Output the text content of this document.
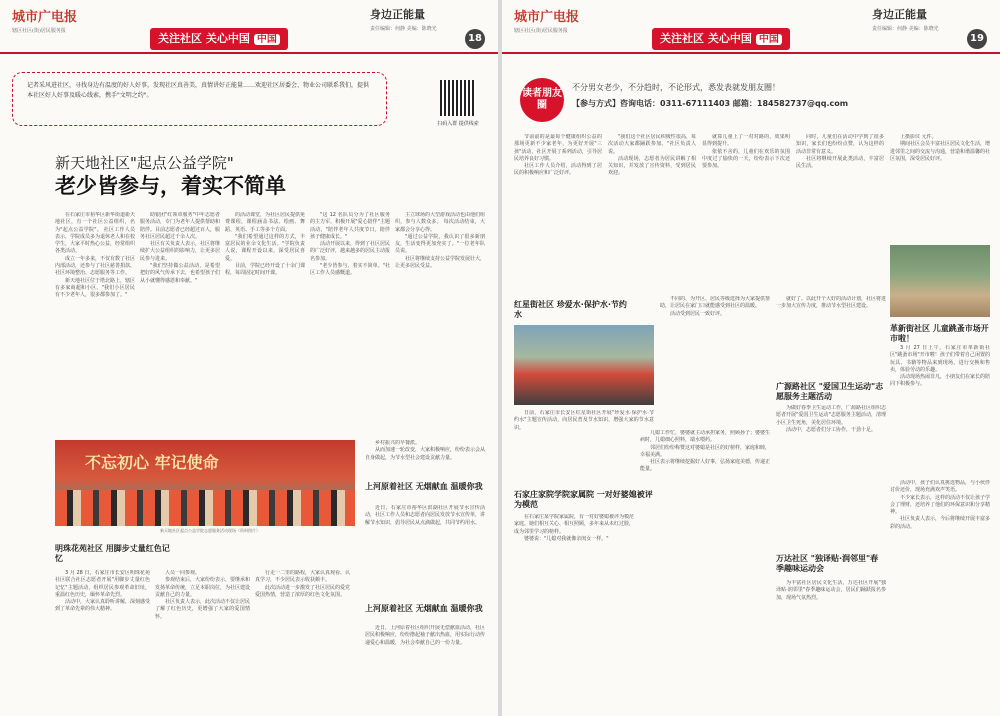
城市广电报
辖区社区(街)居民服务报
关注社区 关心中国 中国
身边正能量
责任编辑：何静 美编：陈晓光
18
记者采风进社区，寻找身边有温度的好人好事，发现社区真善美，真情讲好正能量……欢迎社区居委会、物业公司联系我们，提供本社区好人好事及暖心线索，携手"文明之约"。
扫码入群 提供线索
新天地社区"起点公益学院"
老少皆参与，着实不简单

在石家庄市裕华区新华街道新天地社区，有一个社区公益组织，名为"起点公益学院"。 社区工作人员表示，学院成员多为退休老人和在校学生，大家平时热心公益，经常组织各类活动。

成立一年多来，不仅有数了社区内部活动，还参与了社区慈善捐款、社区环境整治、志愿服务等工作。

新天地社区位于塔北路上，辖区有多家商超和小区，"我们小区居民有不少老年人，很多都参加了。"

助银团"红领章服务"中年志愿者服务活动，专门为老年人提供帮助和陪伴。目前志愿者已经超过百人，服务社区居民超过千余人次。

社区有关负责人表示，社区将继续扩大公益组织的影响力，让更多居民参与进来。

"我们坚持做公益活动，是希望把好的风气传承下去，也希望孩子们从小就懂得感恩和奉献。"

的活动课堂，为社区居民提供免费课程，课程涵盖书法、绘画、舞蹈、英语、手工等多个方面。

"我们希望通过这样的方式，丰富居民的业余文化生活。"学院负责人说，课程开设以来，深受居民喜爱。

目前，学院已经开设了十余门课程，每周固定时间开课。

"这 12 名队员分为了社区服务的主力军，积极开展"爱心陪伴"主题活动，"陪伴老年人共度节日，陪伴孩子健康成长。"

活动开展以来，得到了社区居民的广泛好评，越来越多的居民主动报名参加。

"老少皆参与，着实不简单。"社区工作人员感慨道。

主立球场的大型游戏活动也由他们组织，参与人数众多。 每次活动结束，大家都会分享心得。

"通过公益学院，我认识了很多新朋友，生活变得更加充实了。"一位老年队员说。

社区将继续支持公益学院发展壮大，让更多居民受益。

不忘初心 牢记使命
新天地社区起点公益学院志愿服务活动现场（资料图片）

乡村振兴的早餐派。

从而加速一轮改变，大家积极响应，纷纷表示会从自身做起，为节水型社会建设贡献力量。

上河原着社区 无烟献血 温暖你我

近日，石家庄市裕华区滨湖社区开展节水宣传活动，社区工作人员和志愿者向居民发放节水宣传单，讲解节水知识，倡导居民从点滴做起，共同节约用水。

明珠花苑社区 用脚步丈量红色记忆

3 月 28 日，石家庄市长安区明珠花苑社区联合社区志愿者开展"用脚步丈量红色记忆"主题活动，组织居民参观革命旧址，重温红色历史，缅怀革命先烈。

活动中，大家认真聆听讲解，深刻感受到了革命先辈的伟大精神。

人员一同参观。

参观结束后，大家纷纷表示，要继承和发扬革命传统，立足本职岗位，为社区建设贡献自己的力量。

社区负责人表示，此次活动不仅让居民了解了红色历史，更增强了大家的爱国情怀。

行走一二里的路程，大家认真观看、认真学习，不少居民表示收获颇丰。

此次活动进一步激发了社区居民的爱党爱国热情，营造了浓厚的红色文化氛围。

上河原着社区 无烟献血 温暖你我

近日，上河原着社区组织开展无偿献血活动，社区居民积极响应，纷纷撸起袖子献出热血，用实际行动传递爱心和温暖，为社会奉献自己的一份力量。

城市广电报
辖区社区(街)居民服务报
关注社区 关心中国 中国
身边正能量
责任编辑：何静 美编：陈晓光
19
读者朋友圈
不分男女老少，不分趋时，不论形式，悉发表就发朋友圈！
【参与方式】咨询电话：0311-67111403 邮箱：184582737@qq.com

节前前的是最每个健康组织公益的那场更新不少家老年，为更好开展"三孩"活动，社区开展了系列活动，引导居民培养良好习惯。

社区工作人员介绍，活动得到了居民的积极响应和广泛好评。

"我们这个社区居民积极性很高，每次活动大家都踊跃参加。"社区负责人说。

活动现场，志愿者为居民讲解了相关知识，并发放了宣传资料，受到居民欢迎。

就算儿童上了一对对路的，效果明显得到提升。

依依不舍的，儿童们在欢乐的氛围中度过了愉快的一天，纷纷表示下次还要参加。

同时，儿童们在活动中学到了很多知识，家长们也纷纷点赞，认为这样的活动非常有意义。

社区将继续开展此类活动，丰富居民生活。

上摄影仪 元件。

期间社区会员丰富社区居民文化生活，增进邻里之间的交流与沟通，营造和谐温馨的社区氛围，深受居民好评。

革新街社区 儿童跳蚤市场开市啦！

3 月 27 日上午，石家庄市革新街社区"跳蚤市场"开市啦！孩子们带着自己闲置的玩具、书籍等物品来到现场，进行交换和售卖，体验劳动的乐趣。

活动现场热闹非凡，小朋友们在家长的陪同下积极参与。

红星街社区 珍爱水·保护水·节约水

日前，石家庄市长安区红星街社区开展"珍爱水·保护水·节约水"主题宣传活动，向居民普及节水知识，增强大家的节水意识。

不同的、为开区、居民等级选择为大家提供帮助，让居民在家门口就能感受到社区的温暖。

活动受到居民一致好评。

就好了。以此开个大好的活动计划，社区将进一步加大宣传力度，推动节水型社区建设。

广源路社区 "爱国卫生运动"志愿服务主题活动

为做好春季卫生运动工作，广源路社区组织志愿者开展"爱国卫生运动"志愿服务主题活动，清理小区卫生死角，美化居住环境。

活动中，志愿者们分工协作，干劲十足。

石家庄家院学院家属院 一对好婆媳被评为模范

在石家庄某学院家属院，有一对好婆媳被评为模范家庭。她们相互关心、相互照顾，多年来从未红过脸，成为邻里学习的榜样。

婆婆说："儿媳对我就像亲闺女一样。"

儿媳工作忙，婆婆就主动承担家务，照顾孙子；婆婆生病时，儿媳细心照料，端水喂药。

邻居们纷纷称赞这对婆媳是社区的好榜样，家庭和睦，幸福美满。

社区表示将继续挖掘好人好事，弘扬家庭美德，传递正能量。

万达社区 "独译贴·润邻里"春季趣味运动会

为丰富社区居民文化生活，万达社区开展"独译贴·润邻里"春季趣味运动会，居民们踊跃报名参加，现场气氛热烈。

活动中，孩子们认真挑选物品，与小伙伴讨价还价，现场充满欢声笑语。

不少家长表示，这样的活动不仅让孩子学会了理财，还培养了他们的环保意识和分享精神。

社区负责人表示，今后将继续开展丰富多彩的活动。
